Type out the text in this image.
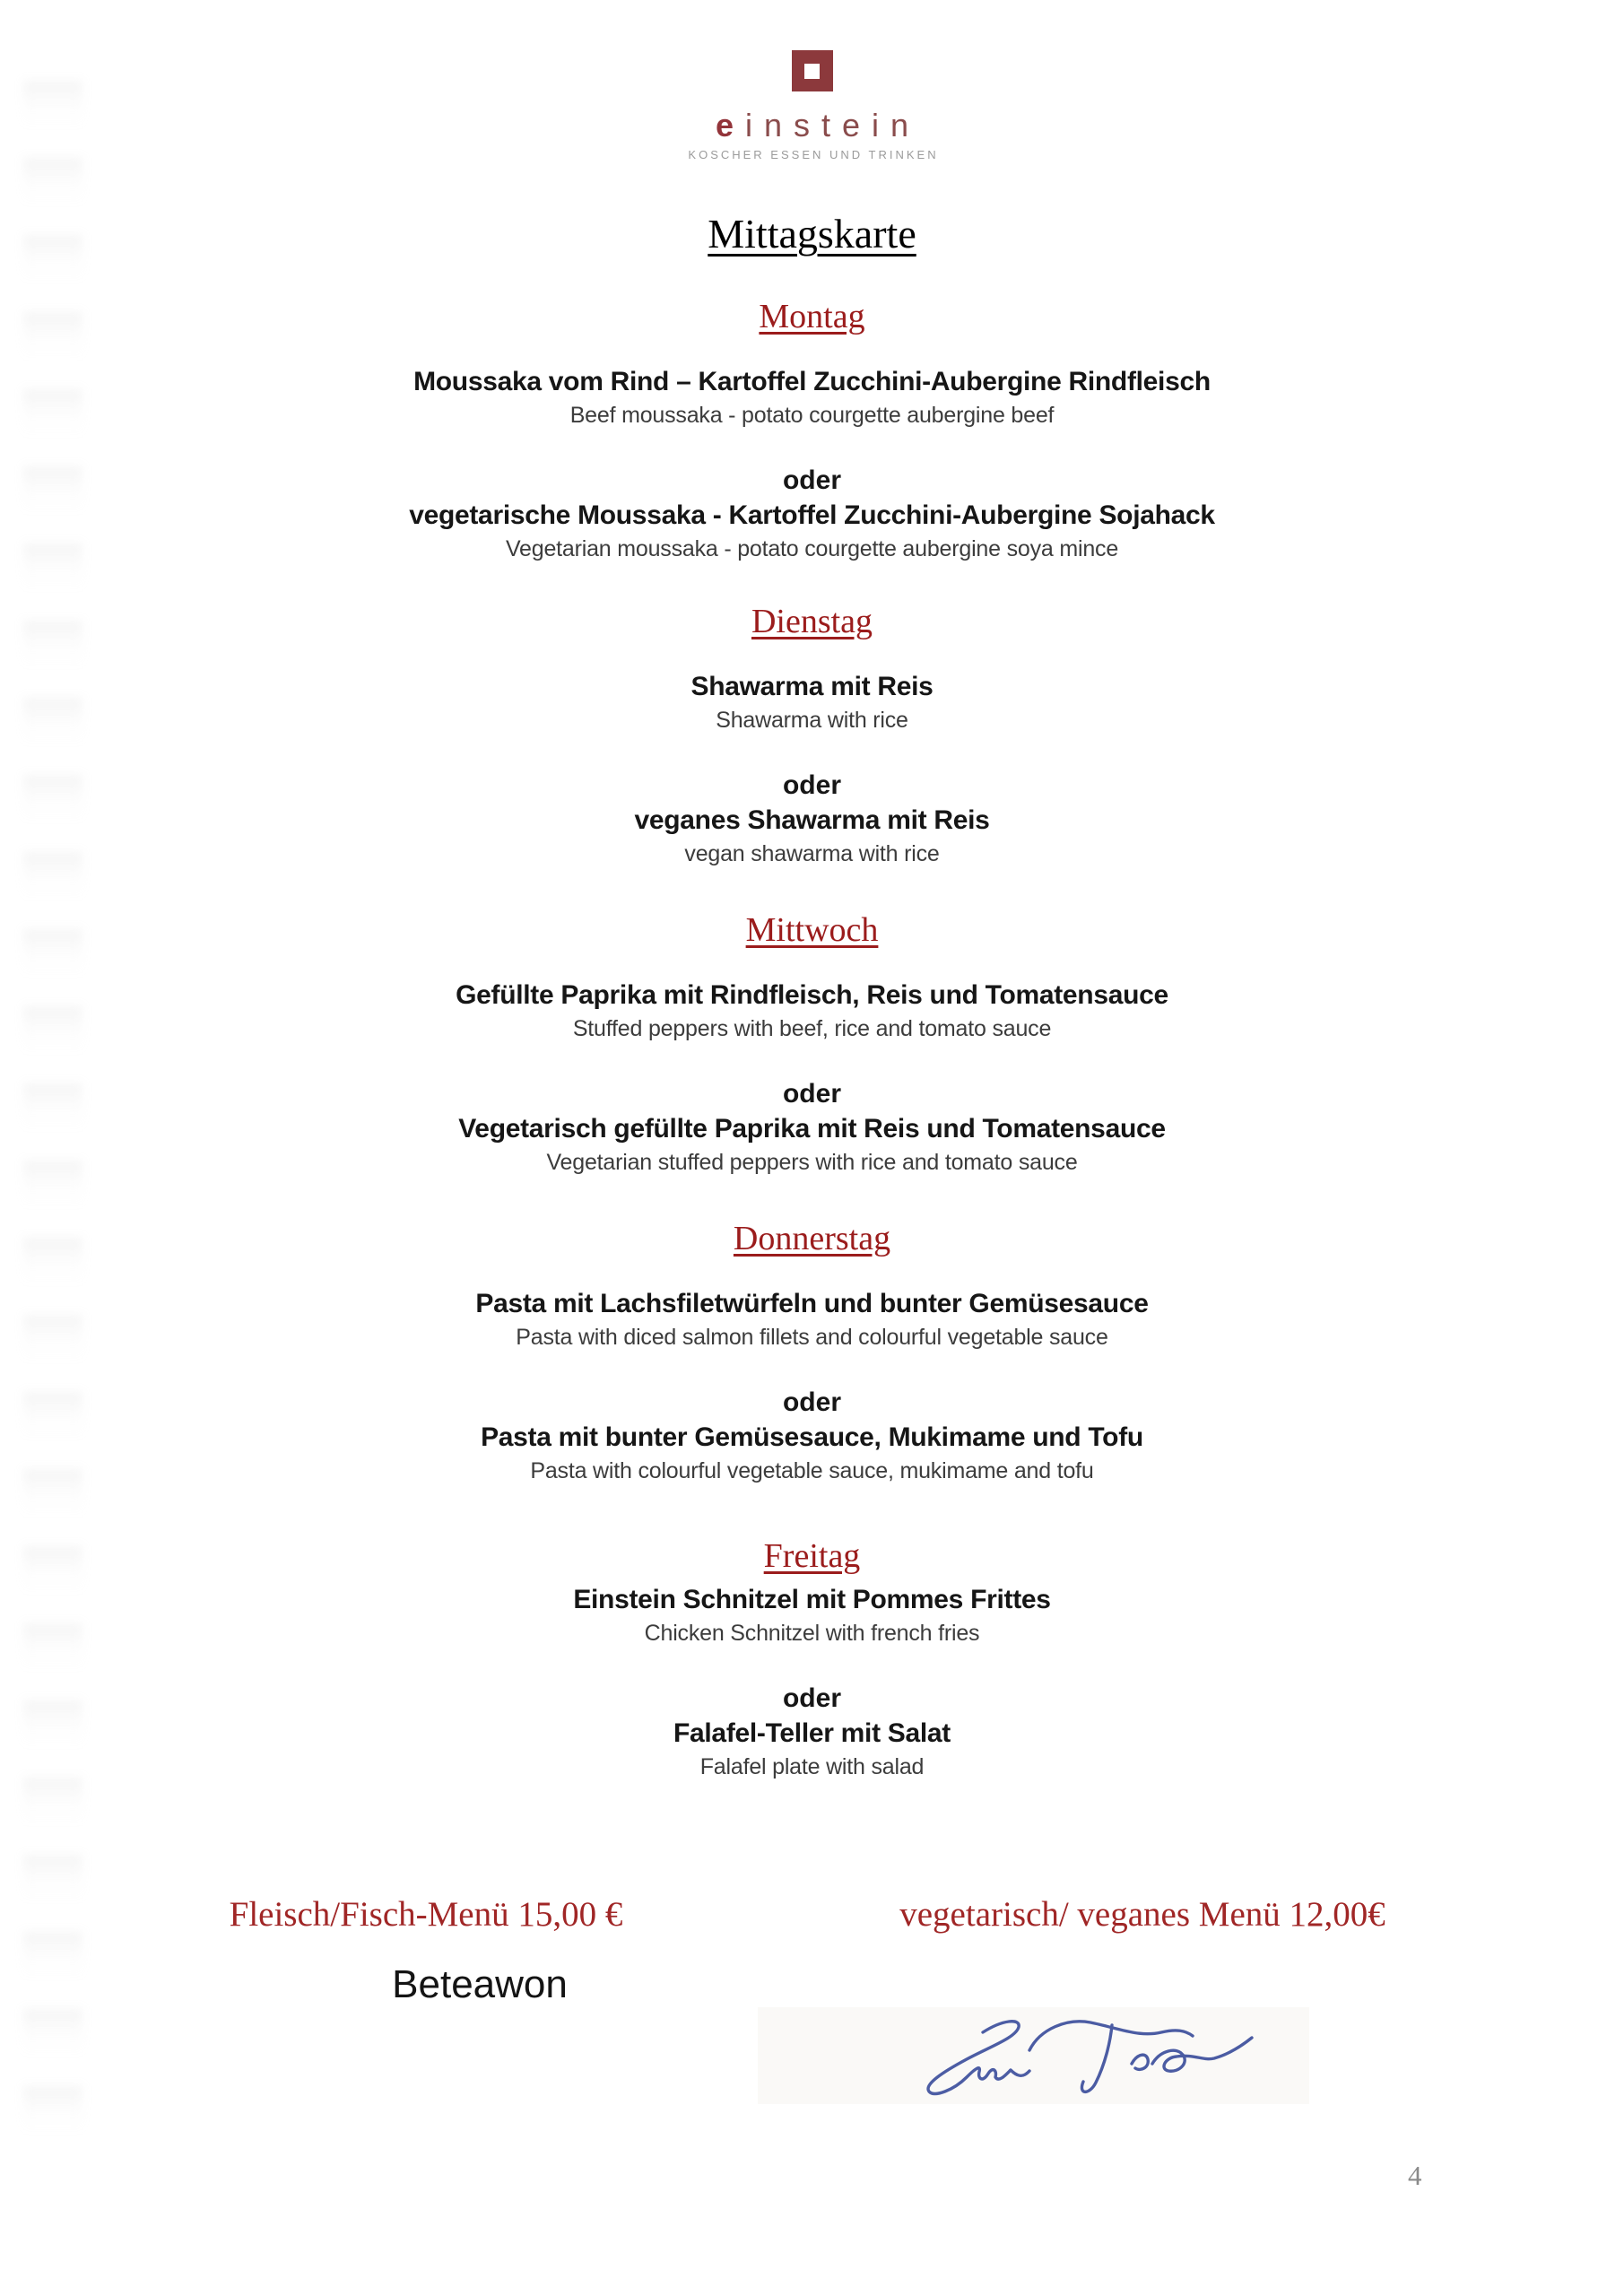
einstein
KOSCHER ESSEN UND TRINKEN
Mittagskarte
Montag
Moussaka vom Rind – Kartoffel Zucchini-Aubergine Rindfleisch
Beef moussaka - potato courgette aubergine beef
oder
vegetarische Moussaka - Kartoffel Zucchini-Aubergine Sojahack
Vegetarian moussaka - potato courgette aubergine soya mince
Dienstag
Shawarma mit Reis
Shawarma with rice
oder
veganes Shawarma mit Reis
vegan shawarma with rice
Mittwoch
Gefüllte Paprika mit Rindfleisch, Reis und Tomatensauce
Stuffed peppers with beef, rice and tomato sauce
oder
Vegetarisch gefüllte Paprika mit Reis und Tomatensauce
Vegetarian stuffed peppers with rice and tomato sauce
Donnerstag
Pasta mit Lachsfiletwürfeln und bunter Gemüsesauce
Pasta with diced salmon fillets and colourful vegetable sauce
oder
Pasta mit bunter Gemüsesauce, Mukimame und Tofu
Pasta with colourful vegetable sauce, mukimame and tofu
Freitag
Einstein Schnitzel mit Pommes Frittes
Chicken Schnitzel with french fries
oder
Falafel-Teller mit Salat
Falafel plate with salad
Fleisch/Fisch-Menü 15,00 €	vegetarisch/ veganes Menü 12,00€
Beteawon
4
